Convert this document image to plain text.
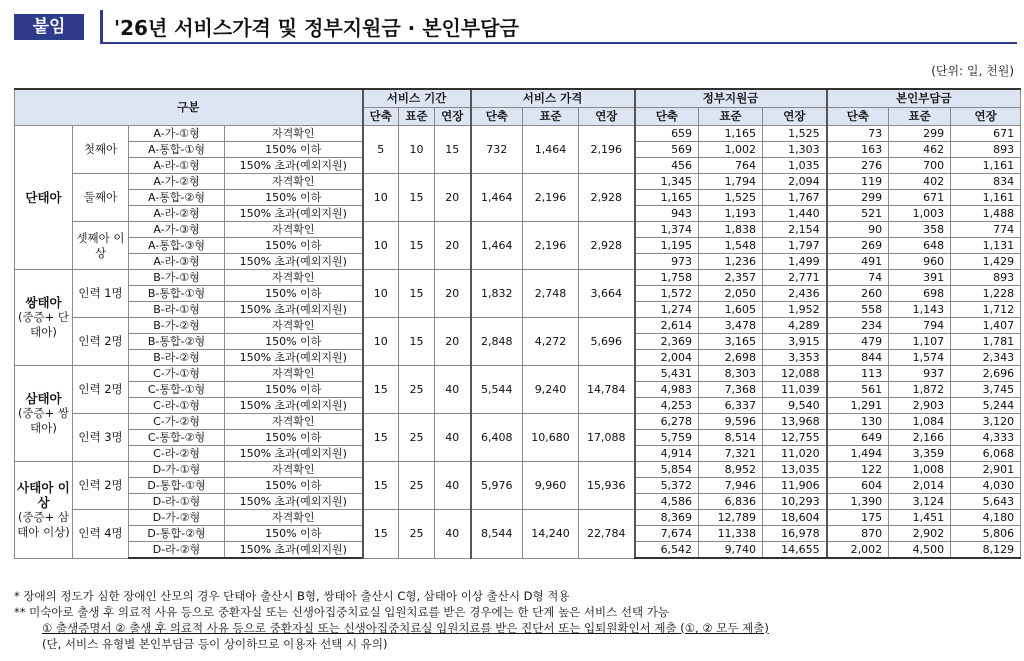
붙임	'26년 서비스가격 및 정부지원금 · 본인부담금
(단위: 일, 천원)
구분				서비스 기간			서비스 가격			정부지원금			본인부담금		
				단축	표준	연장	단축	표준	연장	단축	표준	연장	단축	표준	연장
단태아	첫째아	A-가-①형	자격확인	5	10	15	732	1,464	2,196	659	1,165	1,525	73	299	671
		A-통합-①형	150% 이하							569	1,002	1,303	163	462	893
		A-라-①형	150% 초과(예외지원)							456	764	1,035	276	700	1,161
	둘째아	A-가-②형	자격확인	10	15	20	1,464	2,196	2,928	1,345	1,794	2,094	119	402	834
		A-통합-②형	150% 이하							1,165	1,525	1,767	299	671	1,161
		A-라-②형	150% 초과(예외지원)							943	1,193	1,440	521	1,003	1,488
	셋째아 이상	A-가-③형	자격확인	10	15	20	1,464	2,196	2,928	1,374	1,838	2,154	90	358	774
		A-통합-③형	150% 이하							1,195	1,548	1,797	269	648	1,131
		A-라-③형	150% 초과(예외지원)							973	1,236	1,499	491	960	1,429
쌍태아
(중증+ 단태아)	인력 1명	B-가-①형	자격확인	10	15	20	1,832	2,748	3,664	1,758	2,357	2,771	74	391	893
		B-통합-①형	150% 이하							1,572	2,050	2,436	260	698	1,228
		B-라-①형	150% 초과(예외지원)							1,274	1,605	1,952	558	1,143	1,712
	인력 2명	B-가-②형	자격확인	10	15	20	2,848	4,272	5,696	2,614	3,478	4,289	234	794	1,407
		B-통합-②형	150% 이하							2,369	3,165	3,915	479	1,107	1,781
		B-라-②형	150% 초과(예외지원)							2,004	2,698	3,353	844	1,574	2,343
삼태아
(중증+ 쌍태아)	인력 2명	C-가-①형	자격확인	15	25	40	5,544	9,240	14,784	5,431	8,303	12,088	113	937	2,696
		C-통합-①형	150% 이하							4,983	7,368	11,039	561	1,872	3,745
		C-라-①형	150% 초과(예외지원)							4,253	6,337	9,540	1,291	2,903	5,244
	인력 3명	C-가-②형	자격확인	15	25	40	6,408	10,680	17,088	6,278	9,596	13,968	130	1,084	3,120
		C-통합-②형	150% 이하							5,759	8,514	12,755	649	2,166	4,333
		C-라-②형	150% 초과(예외지원)							4,914	7,321	11,020	1,494	3,359	6,068
사태아 이상
(중증+ 삼태아 이상)	인력 2명	D-가-①형	자격확인	15	25	40	5,976	9,960	15,936	5,854	8,952	13,035	122	1,008	2,901
		D-통합-①형	150% 이하							5,372	7,946	11,906	604	2,014	4,030
		D-라-①형	150% 초과(예외지원)							4,586	6,836	10,293	1,390	3,124	5,643
	인력 4명	D-가-②형	자격확인	15	25	40	8,544	14,240	22,784	8,369	12,789	18,604	175	1,451	4,180
		D-통합-②형	150% 이하							7,674	11,338	16,978	870	2,902	5,806
		D-라-②형	150% 초과(예외지원)							6,542	9,740	14,655	2,002	4,500	8,129
* 장애의 정도가 심한 장애인 산모의 경우 단태아 출산시 B형, 쌍태아 출산시 C형, 삼태아 이상 출산시 D형 적용
** 미숙아로 출생 후 의료적 사유 등으로 중환자실 또는 신생아집중치료실 입원치료를 받은 경우에는 한 단계 높은 서비스 선택 가능
① 출생증명서 ② 출생 후 의료적 사유 등으로 중환자실 또는 신생아집중치료실 입원치료를 받은 진단서 또는 입퇴원확인서 제출 (①, ② 모두 제출)
(단, 서비스 유형별 본인부담금 등이 상이하므로 이용자 선택 시 유의)
